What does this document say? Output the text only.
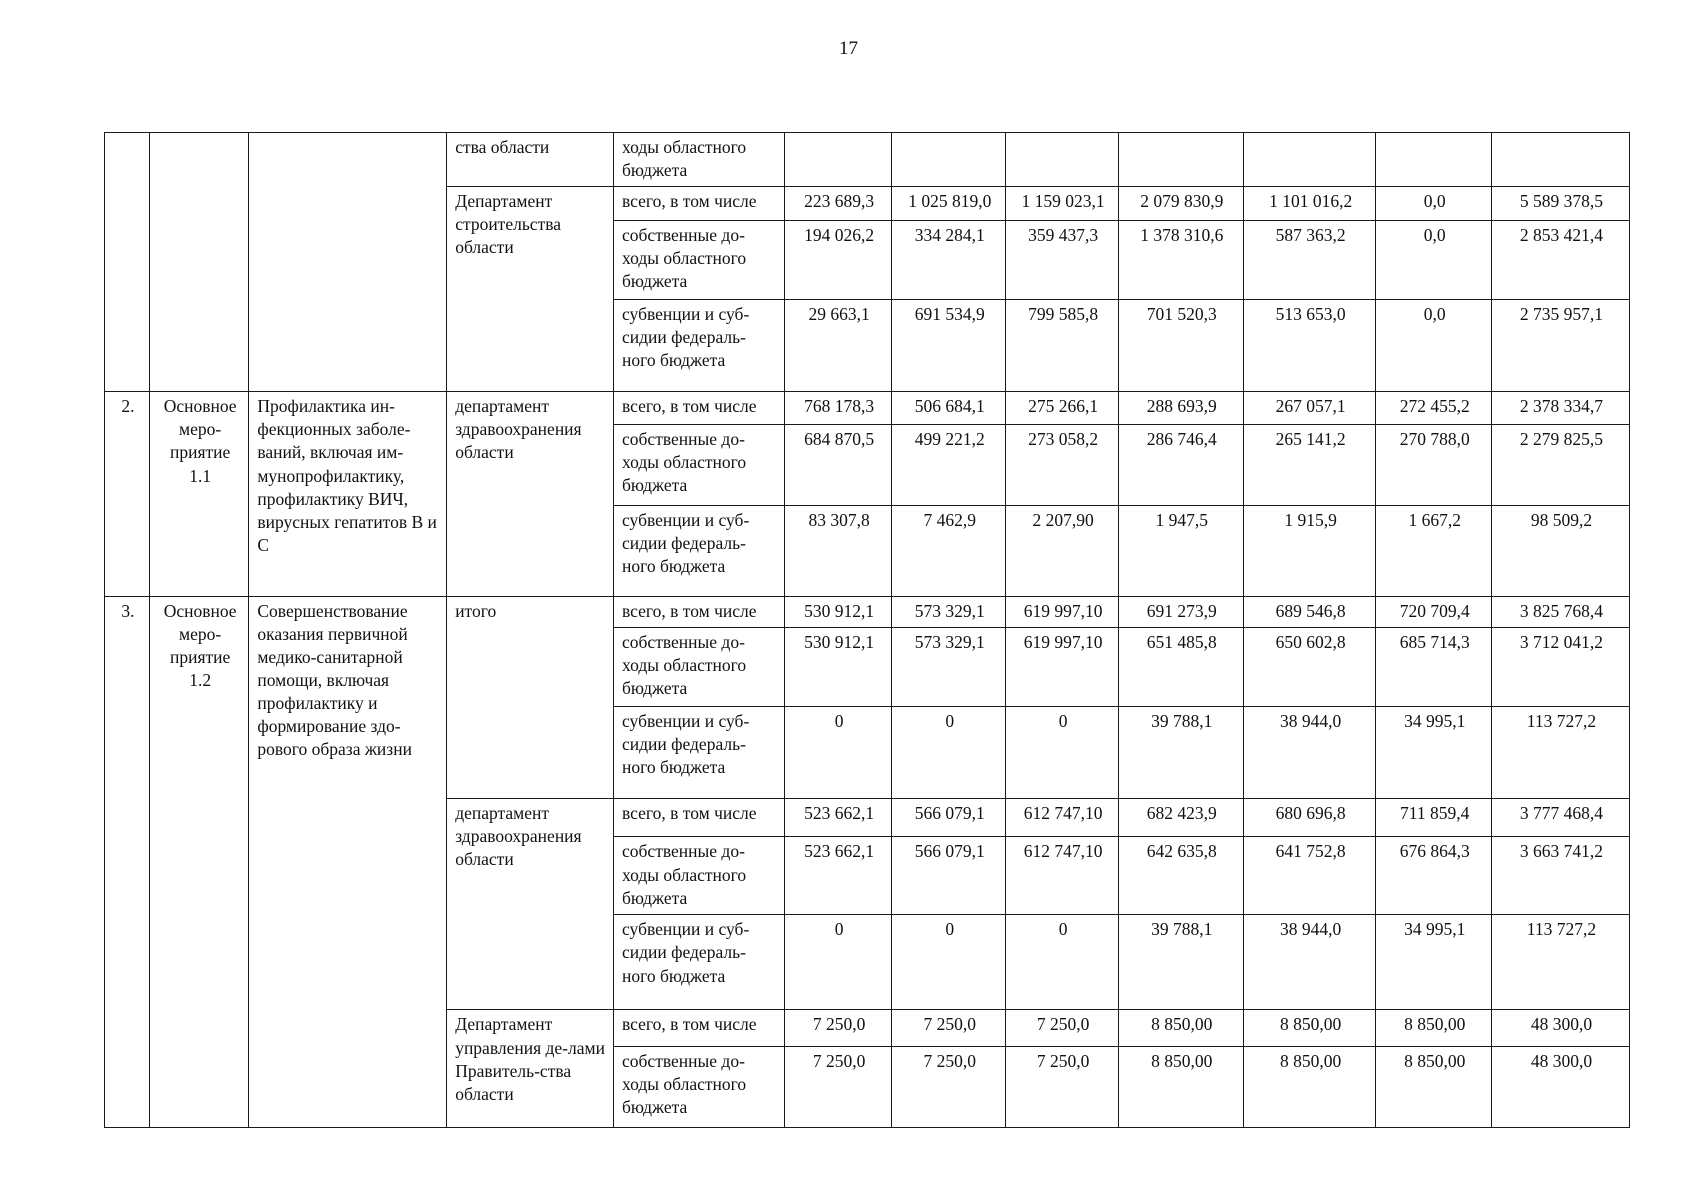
17
			ства области	ходы областного бюджета							
			Департамент строительства области	всего, в том числе	223 689,3	1 025 819,0	1 159 023,1	2 079 830,9	1 101 016,2	0,0	5 589 378,5
				собственные до-ходы областного бюджета	194 026,2	334 284,1	359 437,3	1 378 310,6	587 363,2	0,0	2 853 421,4
				субвенции и суб-сидии федераль-ного бюджета	29 663,1	691 534,9	799 585,8	701 520,3	513 653,0	0,0	2 735 957,1
2.	Основное меро-приятие 1.1	Профилактика ин-фекционных заболе-ваний, включая им-мунопрофилактику, профилактику ВИЧ, вирусных гепатитов В и С	департамент здравоохранения области	всего, в том числе	768 178,3	506 684,1	275 266,1	288 693,9	267 057,1	272 455,2	2 378 334,7
				собственные до-ходы областного бюджета	684 870,5	499 221,2	273 058,2	286 746,4	265 141,2	270 788,0	2 279 825,5
				субвенции и суб-сидии федераль-ного бюджета	83 307,8	7 462,9	2 207,90	1 947,5	1 915,9	1 667,2	98 509,2
3.	Основное меро-приятие 1.2	Совершенствование оказания первичной медико-санитарной помощи, включая профилактику и формирование здо-рового образа жизни	итого	всего, в том числе	530 912,1	573 329,1	619 997,10	691 273,9	689 546,8	720 709,4	3 825 768,4
				собственные до-ходы областного бюджета	530 912,1	573 329,1	619 997,10	651 485,8	650 602,8	685 714,3	3 712 041,2
				субвенции и суб-сидии федераль-ного бюджета	0	0	0	39 788,1	38 944,0	34 995,1	113 727,2
			департамент здравоохранения области	всего, в том числе	523 662,1	566 079,1	612 747,10	682 423,9	680 696,8	711 859,4	3 777 468,4
				собственные до-ходы областного бюджета	523 662,1	566 079,1	612 747,10	642 635,8	641 752,8	676 864,3	3 663 741,2
				субвенции и суб-сидии федераль-ного бюджета	0	0	0	39 788,1	38 944,0	34 995,1	113 727,2
			Департамент управления де-лами Правитель-ства области	всего, в том числе	7 250,0	7 250,0	7 250,0	8 850,00	8 850,00	8 850,00	48 300,0
				собственные до-ходы областного бюджета	7 250,0	7 250,0	7 250,0	8 850,00	8 850,00	8 850,00	48 300,0
